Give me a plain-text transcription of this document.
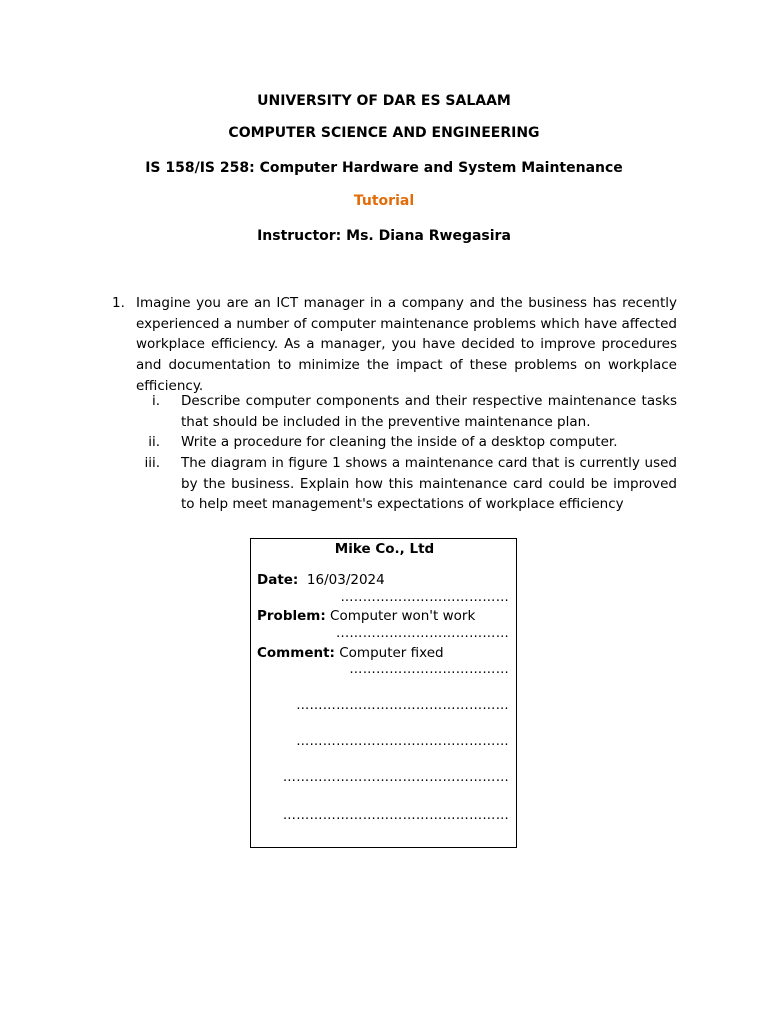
UNIVERSITY OF DAR ES SALAAM
COMPUTER SCIENCE AND ENGINEERING
IS 158/IS 258: Computer Hardware and System Maintenance
Tutorial
Instructor: Ms. Diana Rwegasira
1. Imagine you are an ICT manager in a company and the business has recently experienced a number of computer maintenance problems which have affected workplace efficiency. As a manager, you have decided to improve procedures and documentation to minimize the impact of these problems on workplace efficiency.
i. Describe computer components and their respective maintenance tasks that should be included in the preventive maintenance plan.
ii. Write a procedure for cleaning the inside of a desktop computer.
iii. The diagram in figure 1 shows a maintenance card that is currently used by the business. Explain how this maintenance card could be improved to help meet management's expectations of workplace efficiency
Mike Co., Ltd
Date: 16/03/2024
…..……………………………
Problem: Computer won't work
...………………………………
Comment: Computer fixed
………………………………
…………………………………………
…………………………………………
……………………………………………
……………………………………………
